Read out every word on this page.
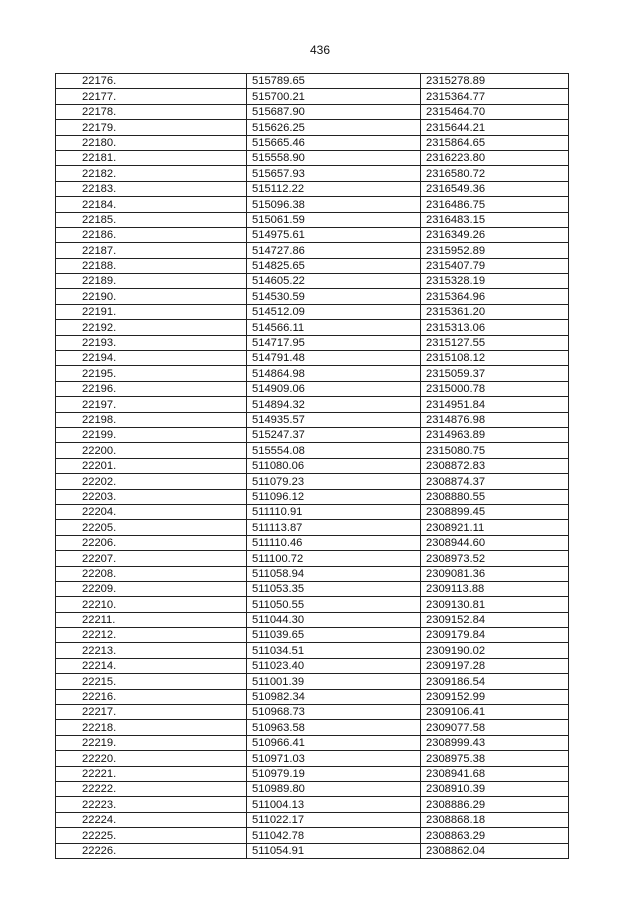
436
22176.	515789.65	2315278.89
22177.	515700.21	2315364.77
22178.	515687.90	2315464.70
22179.	515626.25	2315644.21
22180.	515665.46	2315864.65
22181.	515558.90	2316223.80
22182.	515657.93	2316580.72
22183.	515112.22	2316549.36
22184.	515096.38	2316486.75
22185.	515061.59	2316483.15
22186.	514975.61	2316349.26
22187.	514727.86	2315952.89
22188.	514825.65	2315407.79
22189.	514605.22	2315328.19
22190.	514530.59	2315364.96
22191.	514512.09	2315361.20
22192.	514566.11	2315313.06
22193.	514717.95	2315127.55
22194.	514791.48	2315108.12
22195.	514864.98	2315059.37
22196.	514909.06	2315000.78
22197.	514894.32	2314951.84
22198.	514935.57	2314876.98
22199.	515247.37	2314963.89
22200.	515554.08	2315080.75
22201.	511080.06	2308872.83
22202.	511079.23	2308874.37
22203.	511096.12	2308880.55
22204.	511110.91	2308899.45
22205.	511113.87	2308921.11
22206.	511110.46	2308944.60
22207.	511100.72	2308973.52
22208.	511058.94	2309081.36
22209.	511053.35	2309113.88
22210.	511050.55	2309130.81
22211.	511044.30	2309152.84
22212.	511039.65	2309179.84
22213.	511034.51	2309190.02
22214.	511023.40	2309197.28
22215.	511001.39	2309186.54
22216.	510982.34	2309152.99
22217.	510968.73	2309106.41
22218.	510963.58	2309077.58
22219.	510966.41	2308999.43
22220.	510971.03	2308975.38
22221.	510979.19	2308941.68
22222.	510989.80	2308910.39
22223.	511004.13	2308886.29
22224.	511022.17	2308868.18
22225.	511042.78	2308863.29
22226.	511054.91	2308862.04
